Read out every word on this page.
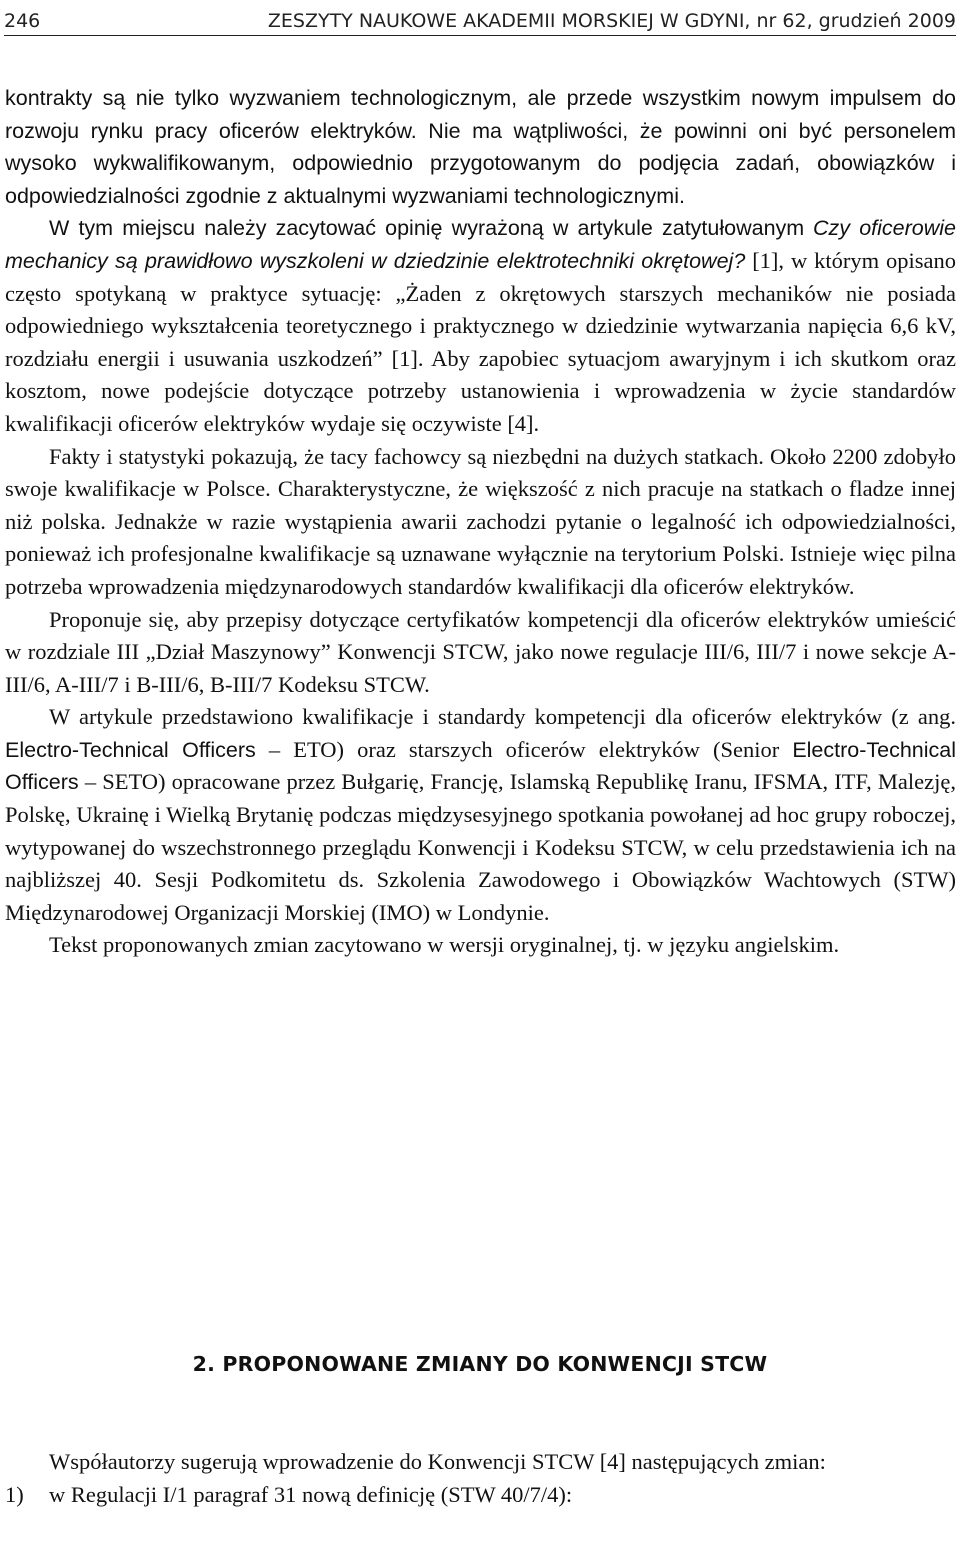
246	ZESZYTY NAUKOWE AKADEMII MORSKIEJ W GDYNI, nr 62, grudzień 2009

kontrakty są nie tylko wyzwaniem technologicznym, ale przede wszystkim nowym impulsem do rozwoju rynku pracy oficerów elektryków. Nie ma wątpliwości, że powinni oni być personelem wysoko wykwalifikowanym, odpowiednio przygotowanym do podjęcia zadań, obowiązków i odpowiedzialności zgodnie z aktualnymi wyzwaniami technologicznymi.

W tym miejscu należy zacytować opinię wyrażoną w artykule zatytułowanym Czy oficerowie mechanicy są prawidłowo wyszkoleni w dziedzinie elektrotechniki okrętowej? [1], w którym opisano często spotykaną w praktyce sytuację: „Żaden z okrętowych starszych mechaników nie posiada odpowiedniego wykształcenia teoretycznego i praktycznego w dziedzinie wytwarzania napięcia 6,6 kV, rozdziału energii i usuwania uszkodzeń” [1]. Aby zapobiec sytuacjom awaryjnym i ich skutkom oraz kosztom, nowe podejście dotyczące potrzeby ustanowienia i wprowadzenia w życie standardów kwalifikacji oficerów elektryków wydaje się oczywiste [4].

Fakty i statystyki pokazują, że tacy fachowcy są niezbędni na dużych statkach. Około 2200 zdobyło swoje kwalifikacje w Polsce. Charakterystyczne, że większość z nich pracuje na statkach o fladze innej niż polska. Jednakże w razie wystąpienia awarii zachodzi pytanie o legalność ich odpowiedzialności, ponieważ ich profesjonalne kwalifikacje są uznawane wyłącznie na terytorium Polski. Istnieje więc pilna potrzeba wprowadzenia międzynarodowych standardów kwalifikacji dla oficerów elektryków.

Proponuje się, aby przepisy dotyczące certyfikatów kompetencji dla oficerów elektryków umieścić w rozdziale III „Dział Maszynowy” Konwencji STCW, jako nowe regulacje III/6, III/7 i nowe sekcje A-III/6, A-III/7 i B-III/6, B-III/7 Kodeksu STCW.

W artykule przedstawiono kwalifikacje i standardy kompetencji dla oficerów elektryków (z ang. Electro-Technical Officers – ETO) oraz starszych oficerów elektryków (Senior Electro-Technical Officers – SETO) opracowane przez Bułgarię, Francję, Islamską Republikę Iranu, IFSMA, ITF, Malezję, Polskę, Ukrainę i Wielką Brytanię podczas międzysesyjnego spotkania powołanej ad hoc grupy roboczej, wytypowanej do wszechstronnego przeglądu Konwencji i Kodeksu STCW, w celu przedstawienia ich na najbliższej 40. Sesji Podkomitetu ds. Szkolenia Zawodowego i Obowiązków Wachtowych (STW) Międzynarodowej Organizacji Morskiej (IMO) w Londynie.

Tekst proponowanych zmian zacytowano w wersji oryginalnej, tj. w języku angielskim.

2. PROPONOWANE ZMIANY DO KONWENCJI STCW

Współautorzy sugerują wprowadzenie do Konwencji STCW [4] następujących zmian:

1)	w Regulacji I/1 paragraf 31 nową definicję (STW 40/7/4):
